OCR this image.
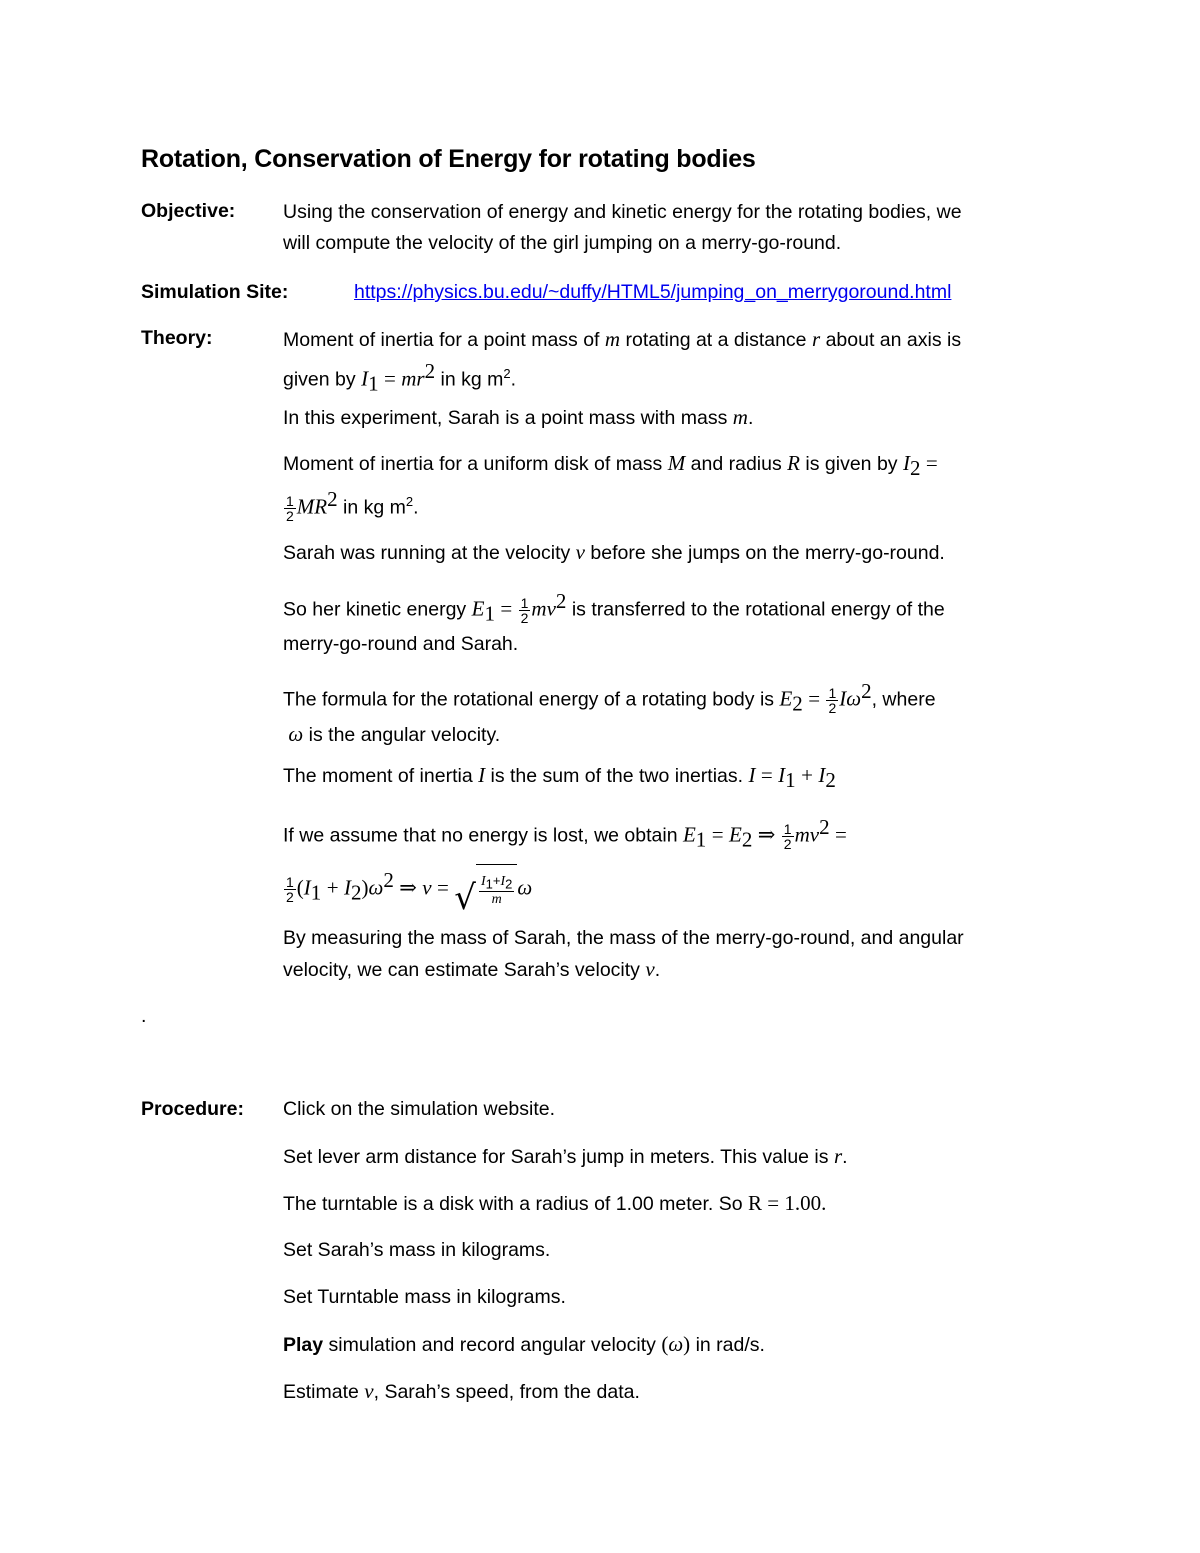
Rotation, Conservation of Energy for rotating bodies
Objective: Using the conservation of energy and kinetic energy for the rotating bodies, we
will compute the velocity of the girl jumping on a merry-go-round.
Simulation Site:	https://physics.bu.edu/~duffy/HTML5/jumping_on_merrygoround.html
Theory:	Moment of inertia for a point mass of m rotating at a distance r about an axis is
given by $I_1 = mr^2$ in kg $m^2$.
In this experiment, Sarah is a point mass with mass m.
Moment of inertia for a uniform disk of mass M and radius R is given by $I_2$ =

$\frac{1}{2} MR^2$ in kg $m^2$.
Sarah was running at the velocity v before she jumps on the merry-go-round.
So her kinetic energy $E_1 = \frac{1}{2} mv^2$ is transferred to the rotational energy of the
merry-go-round and Sarah.
The formula for the rotational energy of a rotating body is $E_2 = \frac{1}{2} I\omega^2$, where
ω is the angular velocity.
The moment of inertia I is the sum of the two inertias. $I = I_1 + I_2$
If we assume that no energy is lost, we obtain $E_1 = E_2$ ⇒ $\frac{1}{2} mv^2$ =
$\frac{1}{2} (I_1 + I_2)\omega^2$ ⇒ v = √ $\frac{I_1+I_2}{m}$ ω
By measuring the mass of Sarah, the mass of the merry-go-round, and angular
velocity, we can estimate Sarah’s velocity v.
.
Procedure: Click on the simulation website.
Set lever arm distance for Sarah’s jump in meters. This value is r.
The turntable is a disk with a radius of 1.00 meter. So R = 1.00.
Set Sarah’s mass in kilograms.
Set Turntable mass in kilograms.
Play simulation and record angular velocity (ω) in rad/s.
Estimate v, Sarah’s speed, from the data.
